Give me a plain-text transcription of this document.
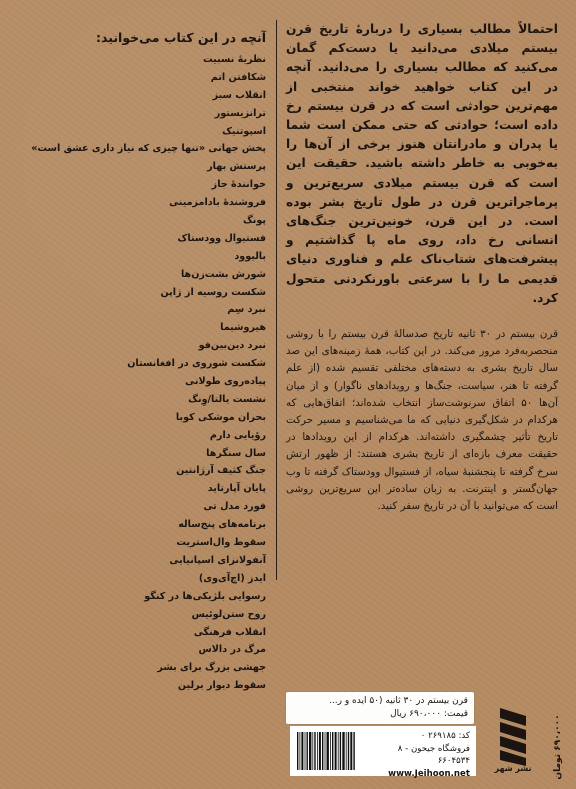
احتمالاً مطالب بسیاری را دربارۀ تاریخ قرن بیستم میلادی می‌دانید یا دست‌کم گمان می‌کنید که مطالب بسیاری را می‌دانید. آنچه در این کتاب خواهید خواند منتخبی از مهم‌ترین حوادثی است که در قرن بیستم رخ داده است؛ حوادثی که حتی ممکن است شما یا پدران و مادرانتان هنوز برخی از آن‌ها را به‌خوبی به خاطر داشته باشید. حقیقت این است که قرن بیستم میلادی سریع‌ترین و پرماجراترین قرن در طول تاریخ بشر بوده است. در این قرن، خونین‌ترین جنگ‌های انسانی رخ داد، روی ماه پا گذاشتیم و پیشرفت‌های شتاب‌ناک علم و فناوری دنیای قدیمی ما را با سرعتی باورنکردنی متحول کرد.

قرن بیستم در ۳۰ ثانیه تاریخ صدسالۀ قرن بیستم را با روشی منحصربه‌فرد مرور می‌کند. در این کتاب، همۀ زمینه‌های این صد سال تاریخ بشری به دسته‌های مختلفی تقسیم شده (از علم گرفته تا هنر، سیاست، جنگ‌ها و رویدادهای ناگوار) و از میان آن‌ها ۵۰ اتفاق سرنوشت‌ساز انتخاب شده‌اند؛ اتفاق‌هایی که هرکدام در شکل‌گیری دنیایی که ما می‌شناسیم و مسیر حرکت تاریخ تأثیر چشمگیری داشته‌اند. هرکدام از این رویدادها در حقیقت معرف بازه‌ای از تاریخ بشری هستند: از ظهور ارتش سرخ گرفته تا پنجشنبۀ سیاه، از فستیوال وودستاک گرفته تا وب جهان‌گستر و اینترنت. به زبان ساده‌تر این سریع‌ترین روشی است که می‌توانید با آن در تاریخ سفر کنید.

آنچه در این کتاب می‌خوانید:
نظریۀ نسبیت
شکافتن اتم
انقلاب سبز
ترانزیستور
اسپوتنیک
پخش جهانی «تنها چیزی که نیاز داری عشق است»
پرستش بهار
خوانندۀ جاز
فروشندۀ بادامزمینی
پونگ
فستیوال وودستاک
بالیوود
شورش بشت‌زن‌ها
شکست روسیه از ژاپن
نبرد سِم
هیروشیما
نبرد دین‌بین‌فو
شکست شوروی در افغانستان
پیاده‌روی طولانی
نشست یالتا/وِنگ
بحران موشکی کوبا
رؤیایی دارم
سال سنگرها
جنگ کثیف آرژانتین
پایان آپارتاید
فورد مدل تی
برنامه‌های پنج‌ساله
سقوط وال‌استریت
آنفولانزای اسپانیایی
ایدز (اچ‌آی‌وی)
رسوایی بلژیکی‌ها در کنگو
روح ستن‌لوئیس
انقلاب فرهنگی
مرگ در دالاس
جهشی بزرگ برای بشر
سقوط دیوار برلین
قرن بیستم در ۳۰ ثانیه (۵۰ ایده و ر...
قیمت: ۶۹۰،۰۰۰ ریال
کد: ۲۶۹۱۸۵ ۰
فروشگاه جیحون - ۸
۶۶۰۴۵۳۴
www.Jeihoon.net
نشر شهر	۶۹۰،۰۰۰ تومان
